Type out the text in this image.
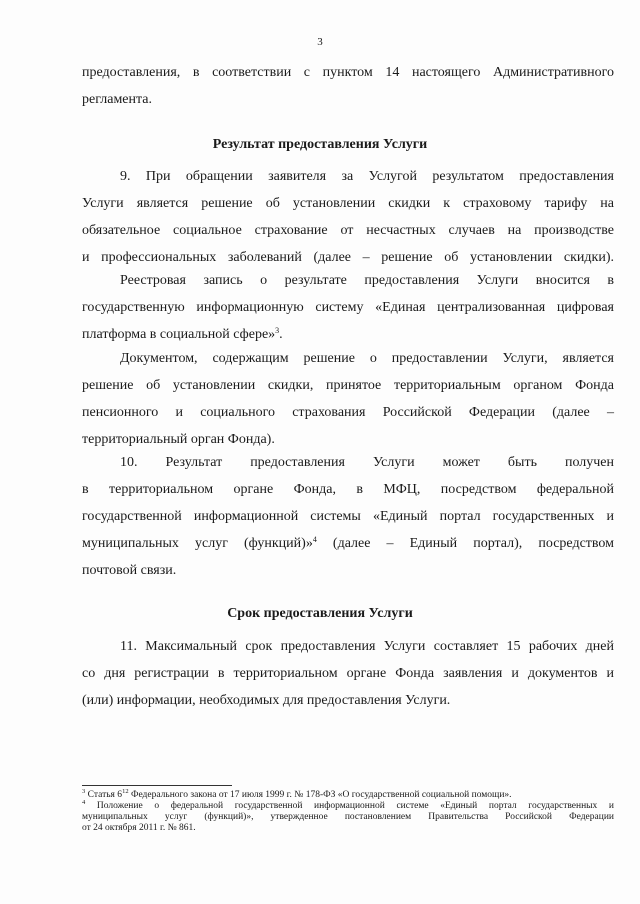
3

предоставления, в соответствии с пунктом 14 настоящего Административного

регламента.

Результат предоставления Услуги

9. При обращении заявителя за Услугой результатом предоставления

Услуги является решение об установлении скидки к страховому тарифу на

обязательное социальное страхование от несчастных случаев на производстве

и профессиональных заболеваний (далее – решение об установлении скидки).

Реестровая запись о результате предоставления Услуги вносится в

государственную информационную систему «Единая централизованная цифровая

платформа в социальной сфере»$^3$.

Документом, содержащим решение о предоставлении Услуги, является

решение об установлении скидки, принятое территориальным органом Фонда

пенсионного и социального страхования Российской Федерации (далее –

территориальный орган Фонда).

10. Результат предоставления Услуги может быть получен

в территориальном органе Фонда, в МФЦ, посредством федеральной

государственной информационной системы «Единый портал государственных и

муниципальных услуг (функций)»$^4$ (далее – Единый портал), посредством

почтовой связи.

Срок предоставления Услуги

11. Максимальный срок предоставления Услуги составляет 15 рабочих дней

со дня регистрации в территориальном органе Фонда заявления и документов и

(или) информации, необходимых для предоставления Услуги.

$^3$ Статья $6^{12}$ Федерального закона от 17 июля 1999 г. № 178-ФЗ «О государственной социальной помощи».

$^4$ Положение о федеральной государственной информационной системе «Единый портал государственных и

муниципальных услуг (функций)», утвержденное постановлением Правительства Российской Федерации

от 24 октября 2011 г. № 861.
